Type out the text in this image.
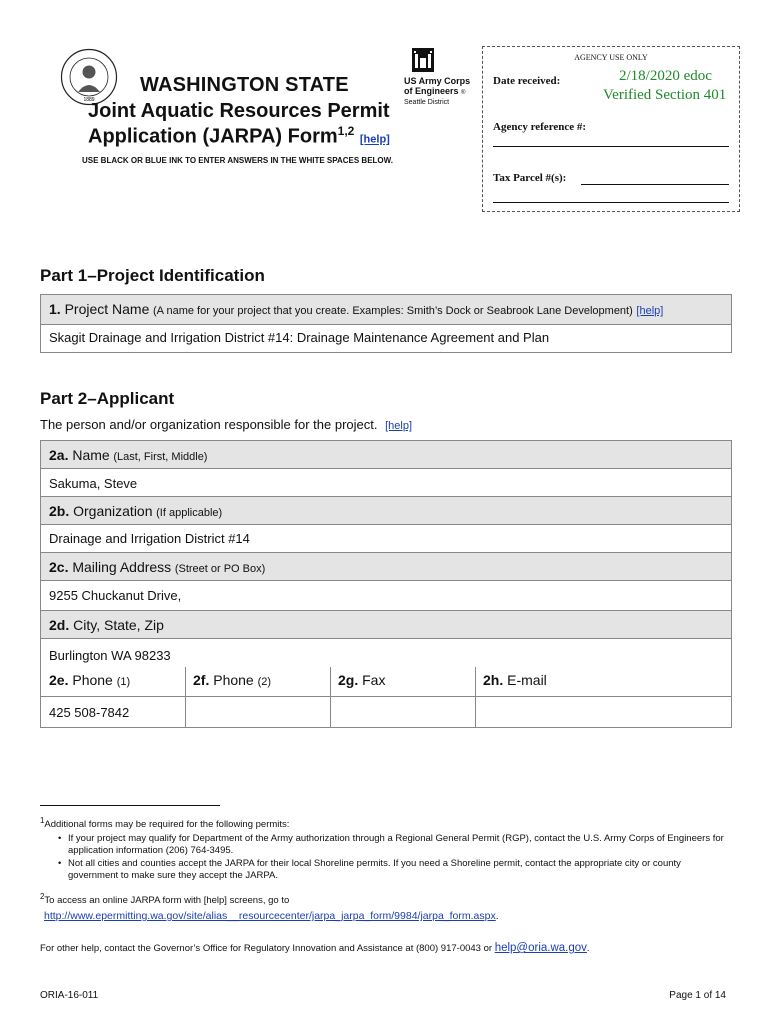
1889
US Army Corps
of Engineers ®
Seattle District
WASHINGTON STATE
Joint Aquatic Resources Permit
Application (JARPA) Form$^{1,2}$ [help]
USE BLACK OR BLUE INK TO ENTER ANSWERS IN THE WHITE SPACES BELOW.
AGENCY USE ONLY
Date received:	2/18/2020 edoc
Verified Section 401
Agency reference #:
Tax Parcel #(s):
Part 1–Project Identification
1. Project Name (A name for your project that you create. Examples: Smith’s Dock or Seabrook Lane Development) [help]
Skagit Drainage and Irrigation District #14: Drainage Maintenance Agreement and Plan
Part 2–Applicant
The person and/or organization responsible for the project. [help]
2a. Name (Last, First, Middle)
Sakuma, Steve
2b. Organization (If applicable)
Drainage and Irrigation District #14
2c. Mailing Address (Street or PO Box)
9255 Chuckanut Drive,
2d. City, State, Zip
Burlington WA 98233
2e. Phone (1)	2f. Phone (2)	2g. Fax	2h. E-mail
425 508-7842
$^1$Additional forms may be required for the following permits:
• If your project may qualify for Department of the Army authorization through a Regional General Permit (RGP), contact the U.S. Army Corps of Engineers for application information (206) 764-3495.
• Not all cities and counties accept the JARPA for their local Shoreline permits. If you need a Shoreline permit, contact the appropriate city or county government to make sure they accept the JARPA.
$^2$To access an online JARPA form with [help] screens, go to
http://www.epermitting.wa.gov/site/alias__resourcecenter/jarpa_jarpa_form/9984/jarpa_form.aspx.
For other help, contact the Governor’s Office for Regulatory Innovation and Assistance at (800) 917-0043 or help@oria.wa.gov.
ORIA-16-011	Page 1 of 14
